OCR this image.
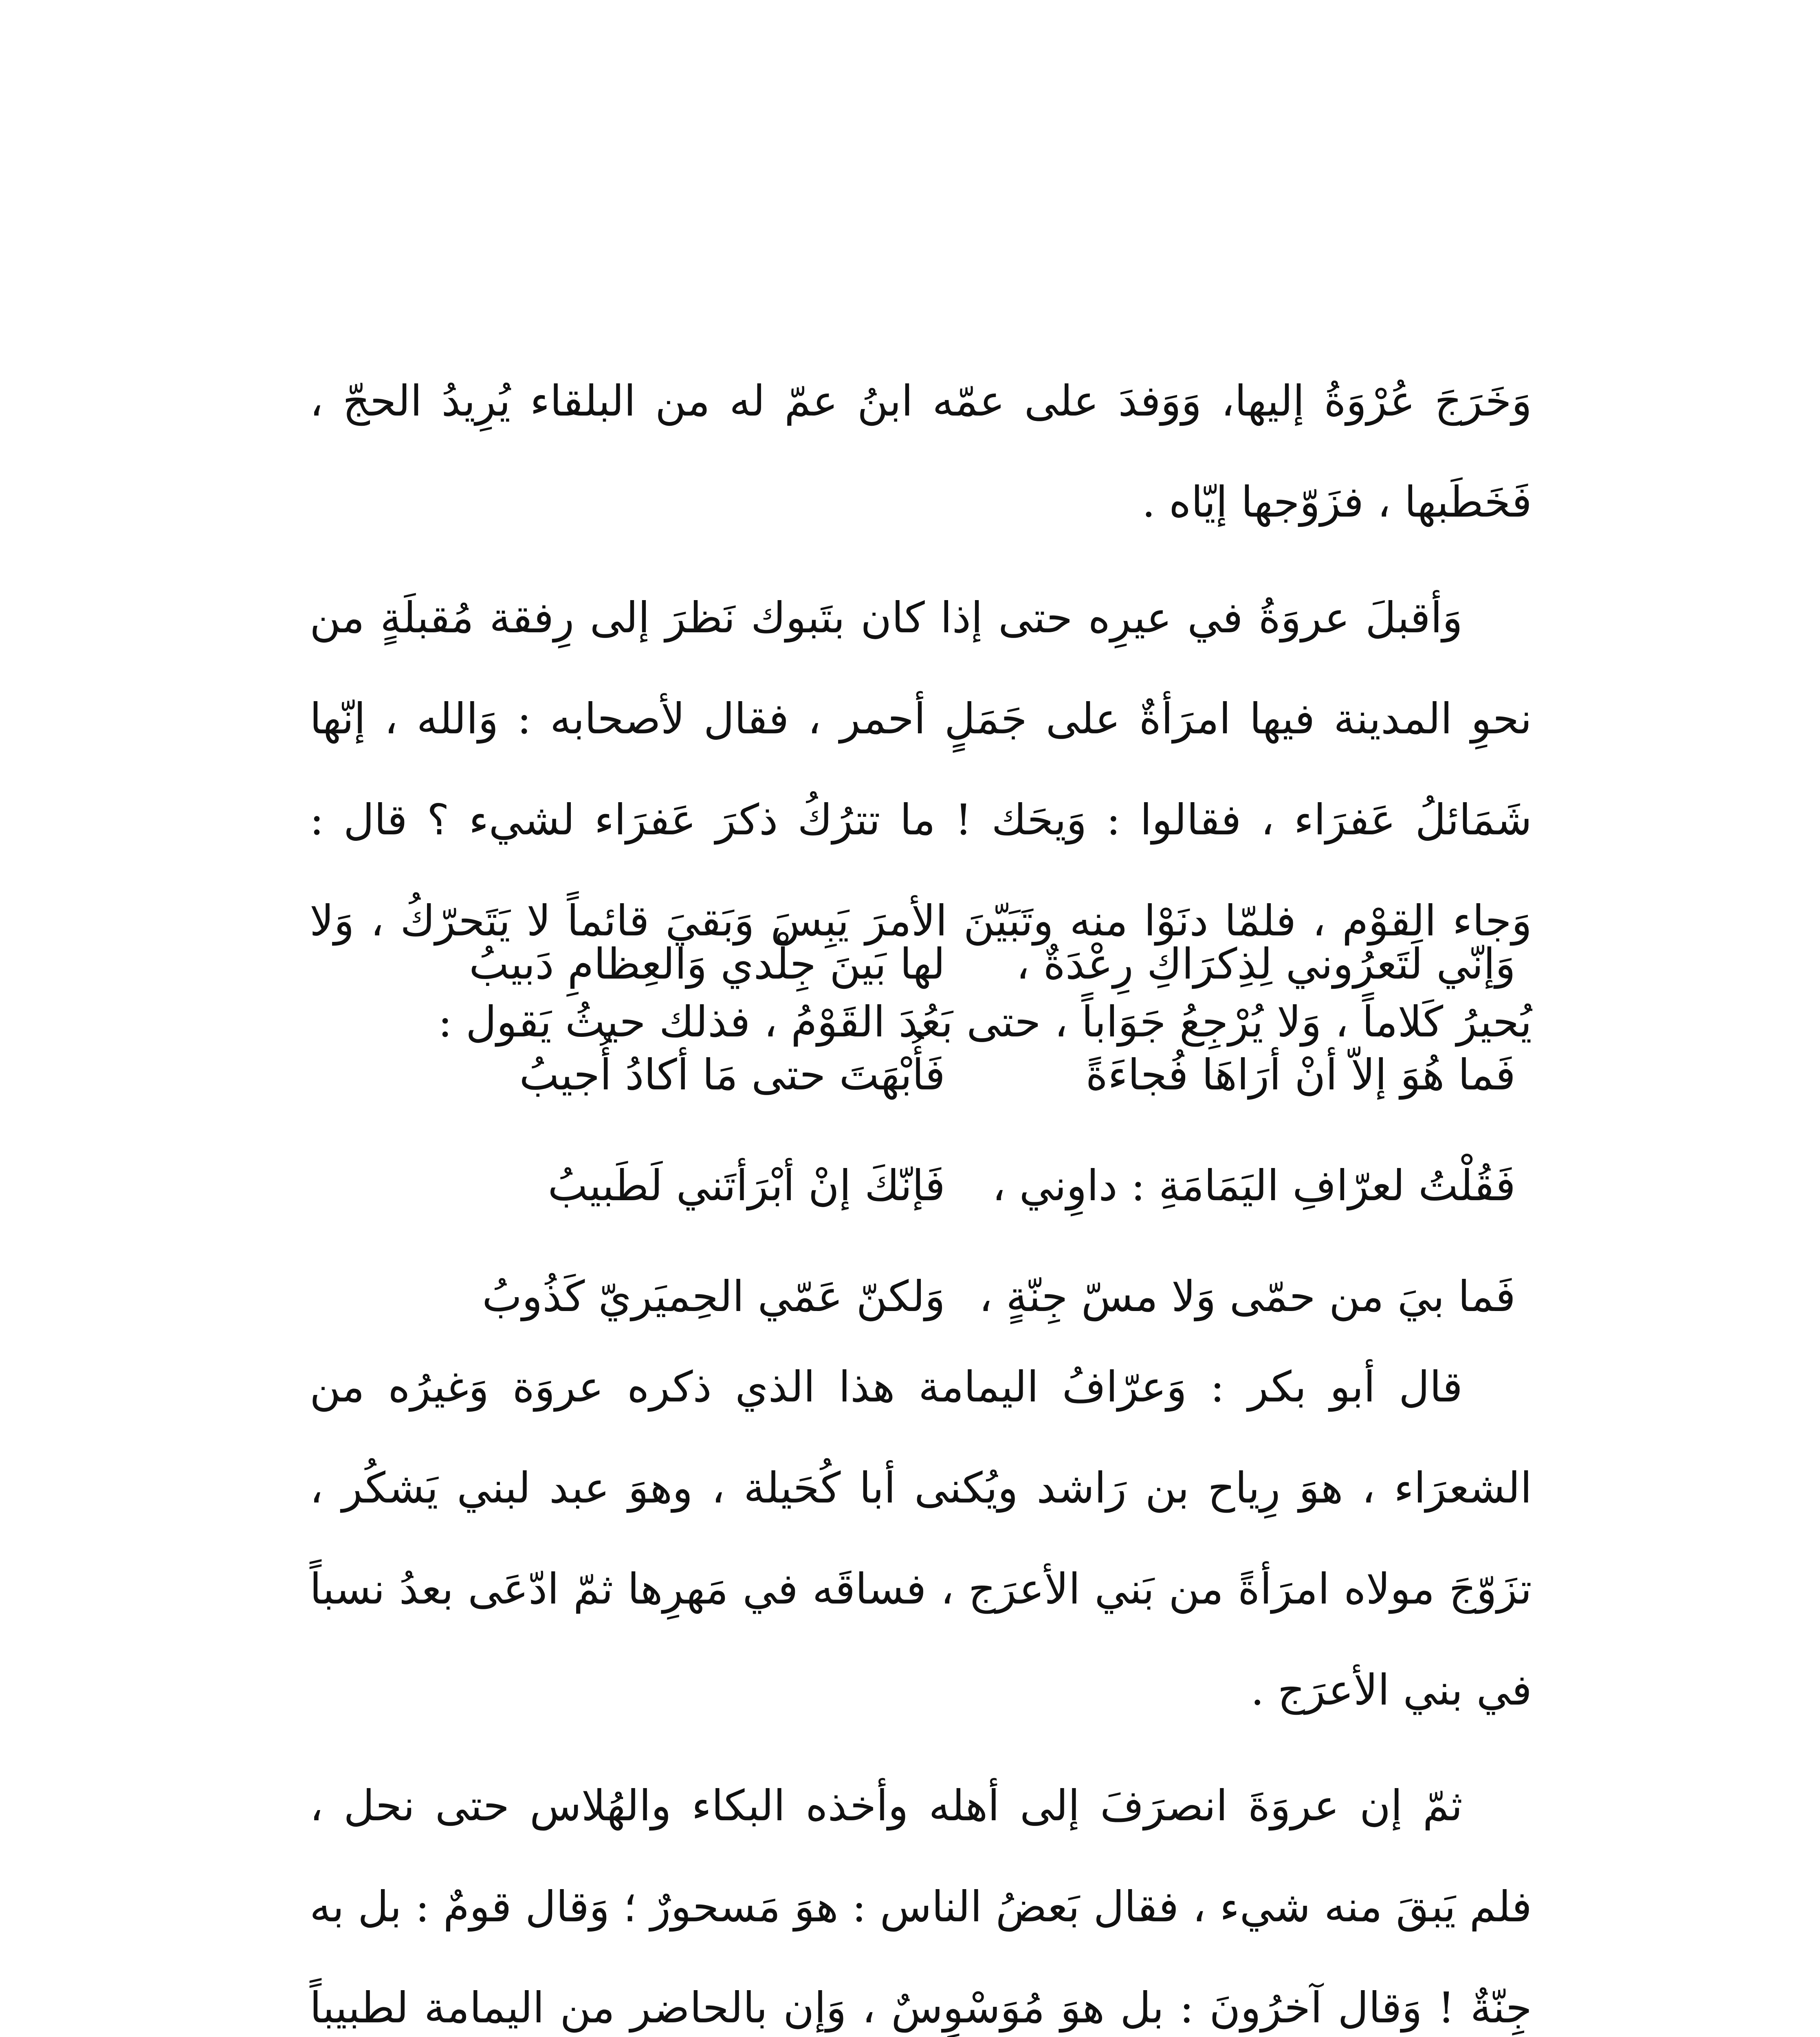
وَخَرَجَ عُرْوَةُ إليها، وَوَفدَ على عمّه ابنُ عمّ له من البلقاء يُرِيدُ الحجّ ، فَخَطَبها ، فزَوّجها إيّاه .

وَأقبلَ عروَةُ في عيرِه حتى إذا كان بتَبوك نَظرَ إلى رِفقة مُقبلَةٍ من نحوِ المدينة فيها امرَأةٌ على جَمَلٍ أحمر ، فقال لأصحابه : وَالله ، إنّها شَمَائلُ عَفرَاء ، فقالوا : وَيحَك ! ما تترُكُ ذكرَ عَفرَاء لشيء ؟ قال : وَجاء القوْم ، فلمّا دنَوْا منه وتَبَيّنَ الأمرَ يَبِسَ وَبَقيَ قائماً لا يَتَحرّكُ ، وَلا يُحيرُ كَلاماً ، وَلا يُرْجِعُ جَوَاباً ، حتى بَعُدَ القَوْمُ ، فذلك حيثُ يَقول :

وَإنّي لَتَعرُوني لِذِكرَاكِ رِعْدَةٌ ،
لها بَينَ جِلْدي وَالعِظامِ دَبيبُ
فَما هُوَ إلاّ أنْ أرَاهَا فُجاءَةً
فَأُبْهَتَ حتى مَا أكادُ أُجيبُ
فَقُلْتُ لعرّافِ اليَمَامَةِ : داوِني ،
فَإنّكَ إنْ أبْرَأتَني لَطَبيبُ
فَما بيَ من حمّى وَلا مسّ جِنّةٍ ،
وَلكنّ عَمّي الحِميَريّ كَذُوبُ

قال أبو بكر : وَعرّافُ اليمامة هذا الذي ذكره عروَة وَغيرُه من الشعرَاء ، هوَ رِياح بن رَاشد ويُكنى أبا كُحَيلة ، وهوَ عبد لبني يَشكُر ، تزَوّجَ مولاه امرَأةً من بَني الأعرَج ، فساقَه في مَهرِها ثمّ ادّعَى بعدُ نسباً في بني الأعرَج .

ثمّ إن عروَةَ انصرَفَ إلى أهله وأخذه البكاء والهُلاس حتى نحل ، فلم يَبقَ منه شيء ، فقال بَعضُ الناس : هوَ مَسحورٌ ؛ وَقال قومٌ : بل به جِنّةٌ ! وَقال آخرُونَ : بل هوَ مُوَسْوِسٌ ، وَإن بالحاضر من اليمامة لطبيباً
